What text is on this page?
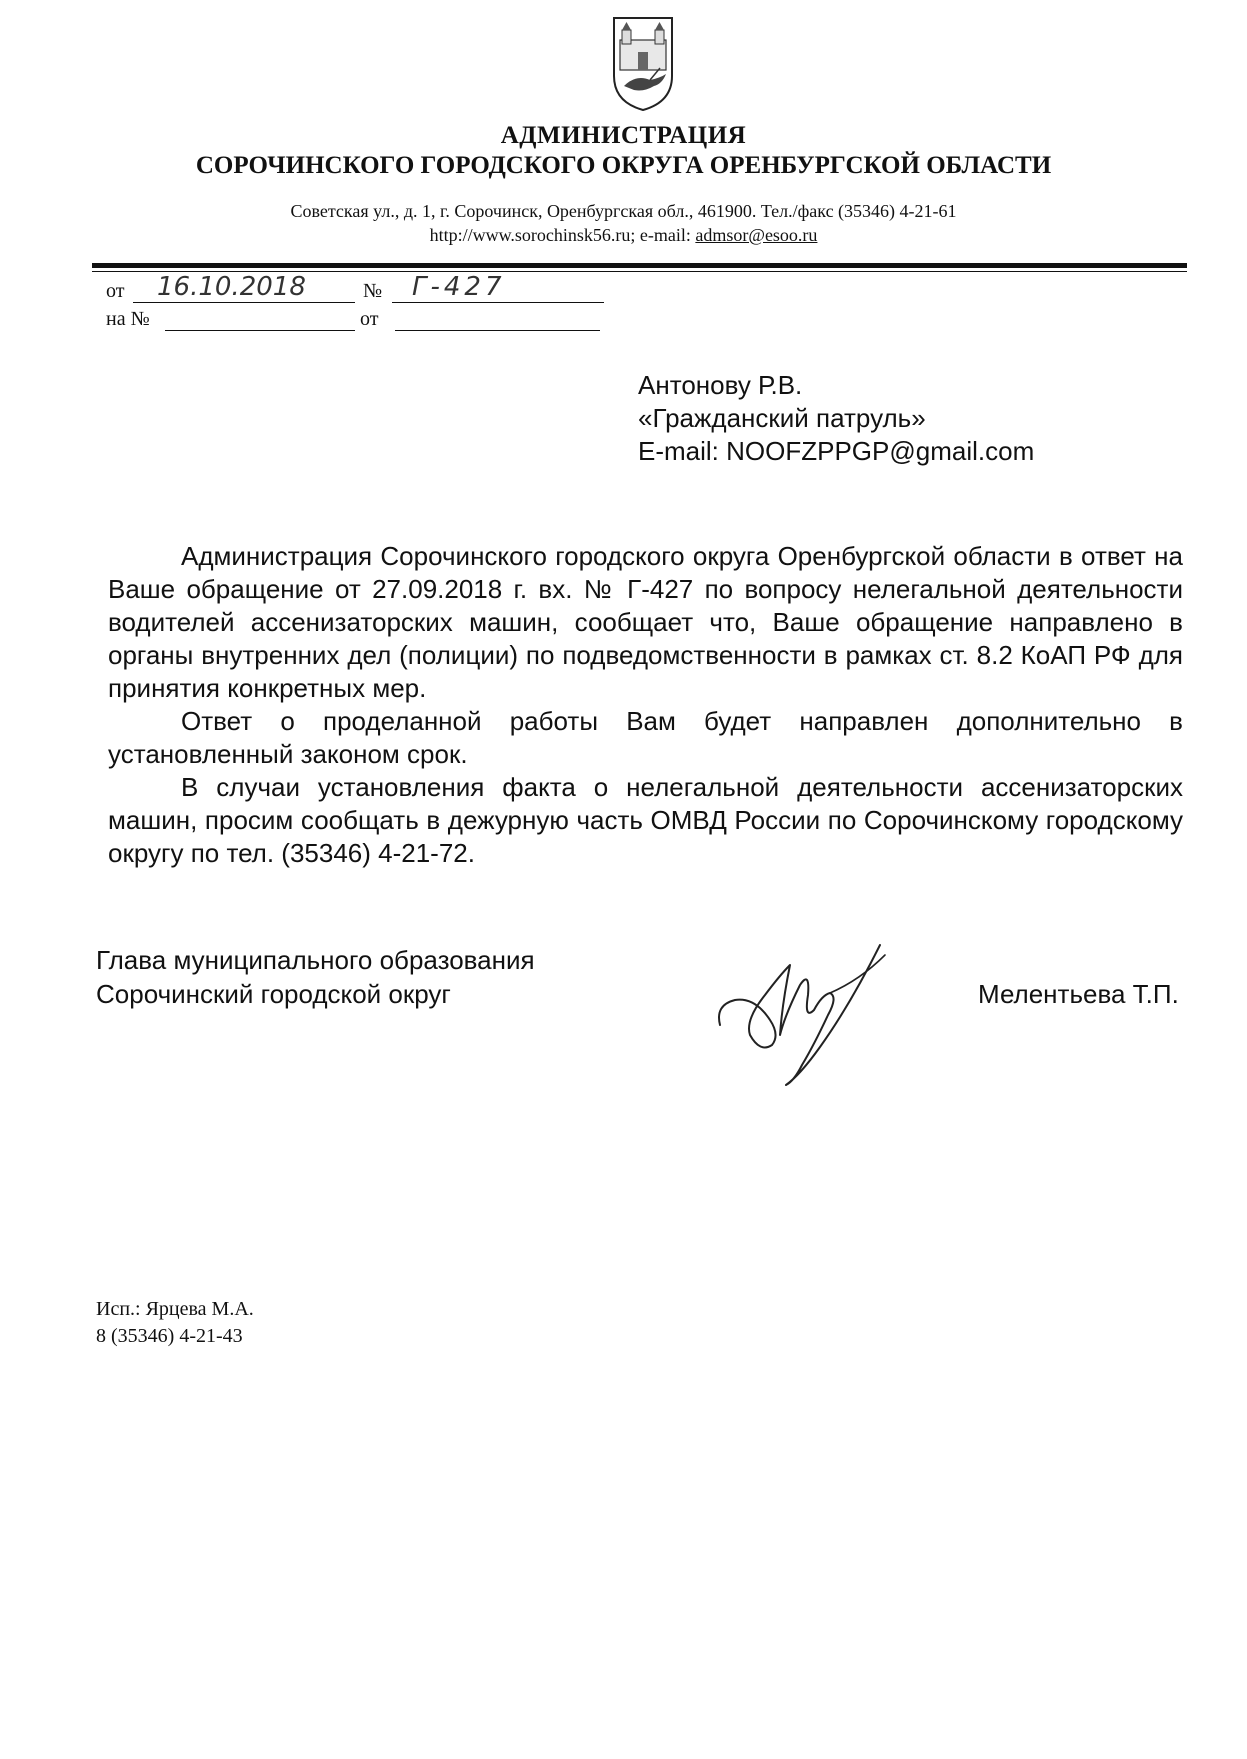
АДМИНИСТРАЦИЯ
СОРОЧИНСКОГО ГОРОДСКОГО ОКРУГА ОРЕНБУРГСКОЙ ОБЛАСТИ
Советская ул., д. 1, г. Сорочинск, Оренбургская обл., 461900. Тел./факс (35346) 4-21-61
http://www.sorochinsk56.ru; e-mail: admsor@esoo.ru
от 16.10.2018	№ Г-427
на №	от
Антонову Р.В.
«Гражданский патруль»
E-mail: NOOFZPPGP@gmail.com

Администрация Сорочинского городского округа Оренбургской области в ответ на Ваше обращение от 27.09.2018 г. вх. № Г-427 по вопросу нелегальной деятельности водителей ассенизаторских машин, сообщает что, Ваше обращение направлено в органы внутренних дел (полиции) по подведомственности в рамках ст. 8.2 КоАП РФ для принятия конкретных мер.

Ответ о проделанной работы Вам будет направлен дополнительно в установленный законом срок.

В случаи установления факта о нелегальной деятельности ассенизаторских машин, просим сообщать в дежурную часть ОМВД России по Сорочинскому городскому округу по тел. (35346) 4-21-72.

Глава муниципального образования
Сорочинский городской округ	Мелентьева Т.П.
Исп.: Ярцева М.А.
8 (35346) 4-21-43
